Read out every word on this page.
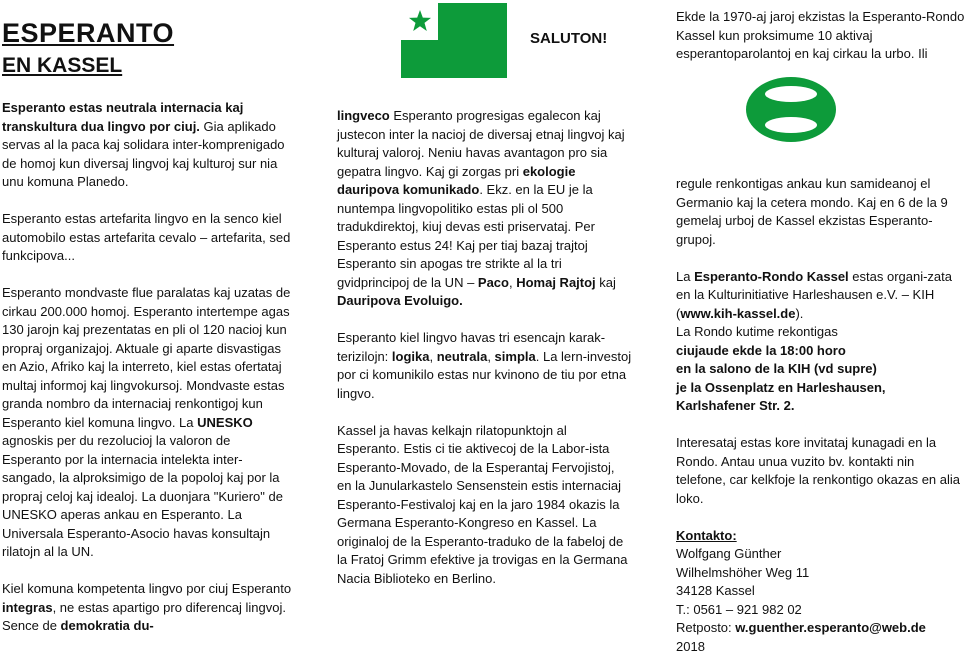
ESPERANTO
EN KASSEL

Esperanto estas neutrala internacia kaj transkultura dua lingvo por ciuj. Gia aplikado servas al la paca kaj solidara inter-komprenigado de homoj kun diversaj lingvoj kaj kulturoj sur nia unu komuna Planedo.

Esperanto estas artefarita lingvo en la senco kiel automobilo estas artefarita cevalo – artefarita, sed funkcipova...

Esperanto mondvaste flue paralatas kaj uzatas de cirkau 200.000 homoj. Esperanto intertempe agas 130 jarojn kaj prezentatas en pli ol 120 nacioj kun propraj organizajoj. Aktuale gi aparte disvastigas en Azio, Afriko kaj la interreto, kiel estas ofertataj multaj informoj kaj lingvokursoj. Mondvaste estas granda nombro da internaciaj renkontigoj kun Esperanto kiel komuna lingvo. La UNESKO agnoskis per du rezolucioj la valoron de Esperanto por la internacia intelekta inter-sangado, la alproksimigo de la popoloj kaj por la propraj celoj kaj idealoj. La duonjara "Kuriero" de UNESKO aperas ankau en Esperanto. La Universala Esperanto-Asocio havas konsultajn rilatojn al la UN.

Kiel komuna kompetenta lingvo por ciuj Esperanto integras, ne estas apartigo pro diferencaj lingvoj. Sence de demokratia du-

SALUTON!

lingveco Esperanto progresigas egalecon kaj justecon inter la nacioj de diversaj etnaj lingvoj kaj kulturaj valoroj. Neniu havas avantagon pro sia gepatra lingvo. Kaj gi zorgas pri ekologie dauripova komunikado. Ekz. en la EU je la nuntempa lingvopolitiko estas pli ol 500 tradukdirektoj, kiuj devas esti priservataj. Per Esperanto estus 24! Kaj per tiaj bazaj trajtoj Esperanto sin apogas tre strikte al la tri gvidprincipoj de la UN – Paco, Homaj Rajtoj kaj Dauripova Evoluigo.

Esperanto kiel lingvo havas tri esencajn karak-terizilojn: logika, neutrala, simpla. La lern-investoj por ci komunikilo estas nur kvinono de tiu por etna lingvo.

Kassel ja havas kelkajn rilatopunktojn al Esperanto. Estis ci tie aktivecoj de la Labor-ista Esperanto-Movado, de la Esperantaj Fervojistoj, en la Junularkastelo Sensenstein estis internaciaj Esperanto-Festivaloj kaj en la jaro 1984 okazis la Germana Esperanto-Kongreso en Kassel. La originaloj de la Esperanto-traduko de la fabeloj de la Fratoj Grimm efektive ja trovigas en la Germana Nacia Biblioteko en Berlino.

Ekde la 1970-aj jaroj ekzistas la Esperanto-Rondo Kassel kun proksimume 10 aktivaj esperantoparolantoj en kaj cirkau la urbo. Ili

regule renkontigas ankau kun samideanoj el Germanio kaj la cetera mondo. Kaj en 6 de la 9 gemelaj urboj de Kassel ekzistas Esperanto-grupoj.

La Esperanto-Rondo Kassel estas organi-zata en la Kulturinitiative Harleshausen e.V. – KIH (www.kih-kassel.de).
La Rondo kutime rekontigas
ciujaude ekde la 18:00 horo
en la salono de la KIH (vd supre)
je la Ossenplatz en Harleshausen,
Karlshafener Str. 2.

Interesataj estas kore invitataj kunagadi en la Rondo. Antau unua vuzito bv. kontakti nin telefone, car kelkfoje la renkontigo okazas en alia loko.

Kontakto:
Wolfgang Günther
Wilhelmshöher Weg 11
34128 Kassel
T.: 0561 – 921 982 02
Retposto: w.guenther.esperanto@web.de
2018
